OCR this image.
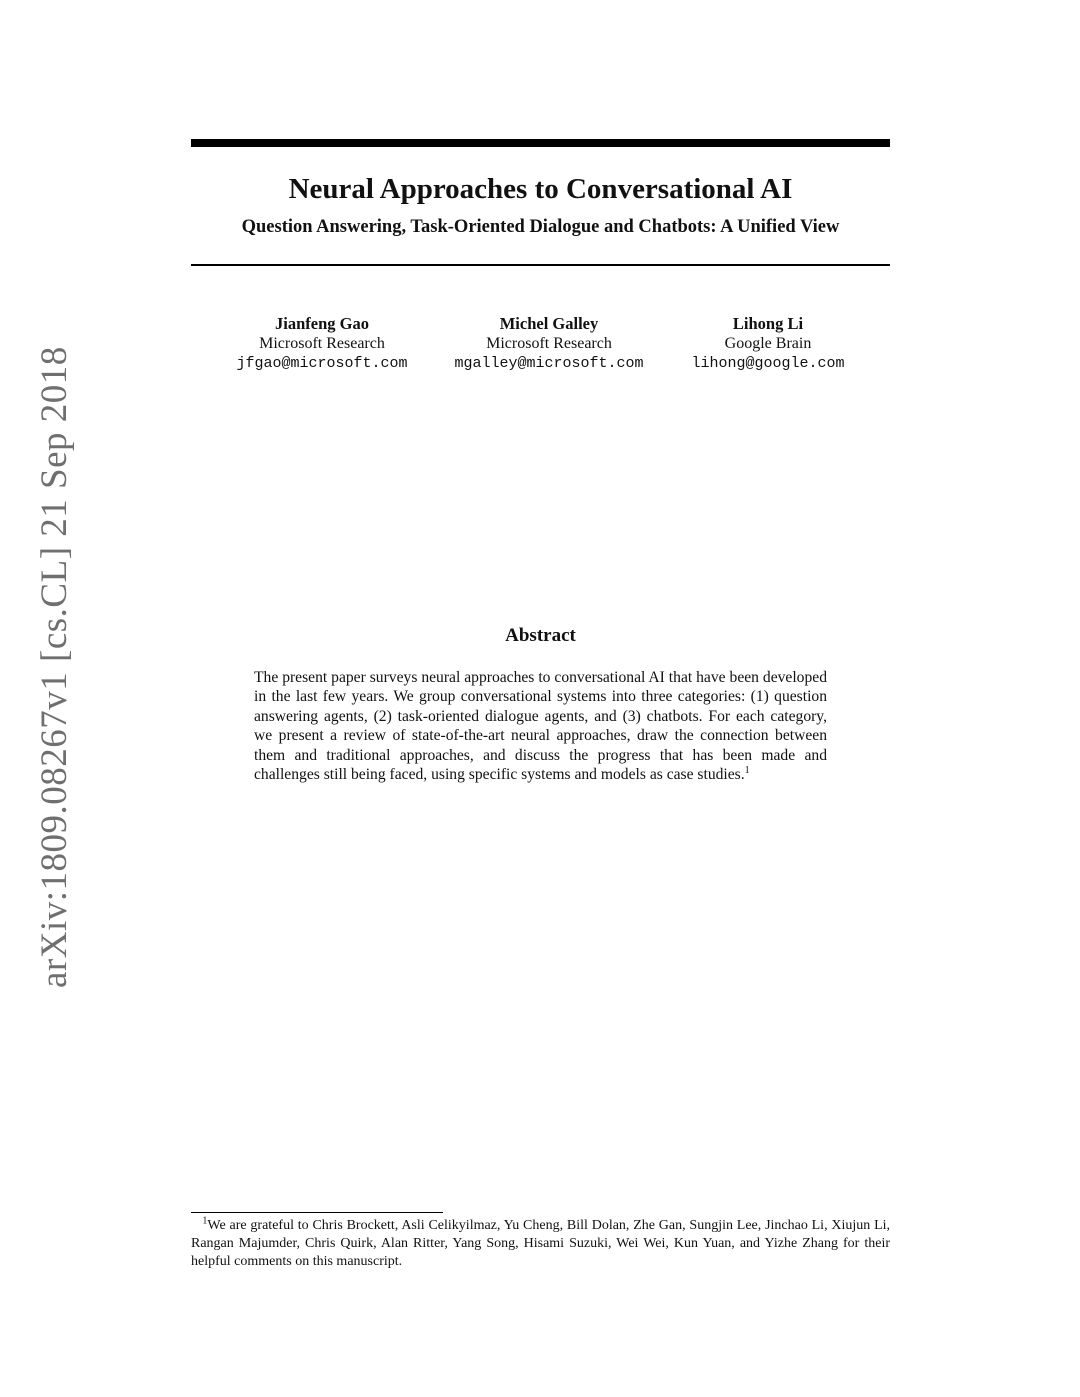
arXiv:1809.08267v1 [cs.CL] 21 Sep 2018
Neural Approaches to Conversational AI
Question Answering, Task-Oriented Dialogue and Chatbots: A Unified View
Jianfeng Gao
Microsoft Research
jfgao@microsoft.com
Michel Galley
Microsoft Research
mgalley@microsoft.com
Lihong Li
Google Brain
lihong@google.com
Abstract
The present paper surveys neural approaches to conversational AI that have been developed in the last few years. We group conversational systems into three categories: (1) question answering agents, (2) task-oriented dialogue agents, and (3) chatbots. For each category, we present a review of state-of-the-art neural approaches, draw the connection between them and traditional approaches, and discuss the progress that has been made and challenges still being faced, using specific systems and models as case studies.$^1$
$^1$We are grateful to Chris Brockett, Asli Celikyilmaz, Yu Cheng, Bill Dolan, Zhe Gan, Sungjin Lee, Jinchao Li, Xiujun Li, Rangan Majumder, Chris Quirk, Alan Ritter, Yang Song, Hisami Suzuki, Wei Wei, Kun Yuan, and Yizhe Zhang for their helpful comments on this manuscript.
